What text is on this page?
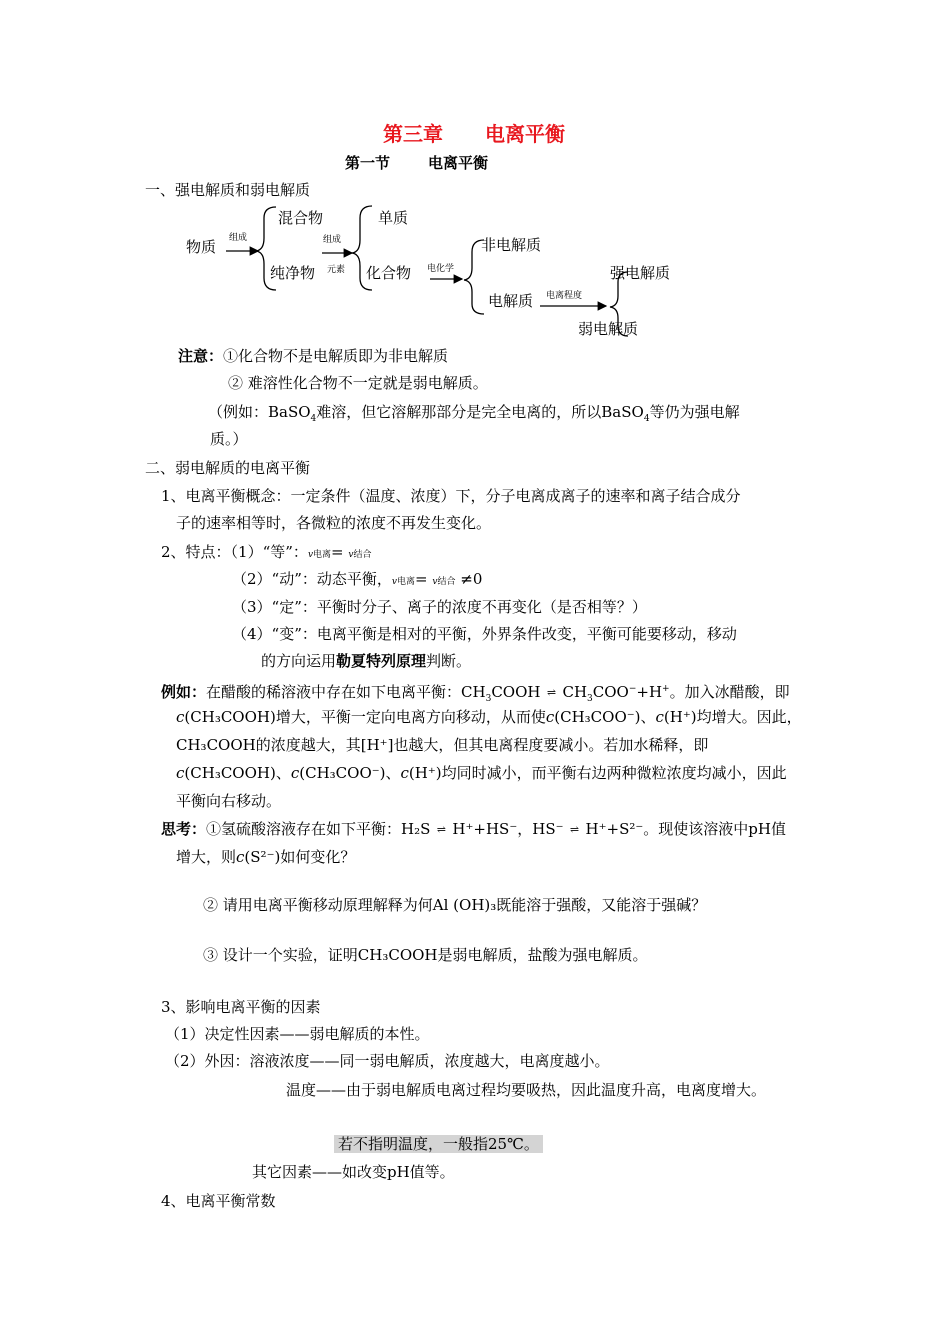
第三章 电离平衡
第一节	电离平衡
一、强电解质和弱电解质
物质 组成
混合物
纯净物
组成
元素
单质
化合物 电化学
非电解质
电解质 电离程度
强电解质
弱电解质
注意：①化合物不是电解质即为非电解质
② 难溶性化合物不一定就是弱电解质。
（例如：BaSO$_4$难溶，但它溶解那部分是完全电离的，所以BaSO$_4$等仍为强电解
质。）
二、弱电解质的电离平衡
1、电离平衡概念：一定条件（温度、浓度）下，分子电离成离子的速率和离子结合成分
子的速率相等时，各微粒的浓度不再发生变化。
2、特点：（1）“等”：v电离= v结合
（2）“动”：动态平衡，v电离= v结合 ≠0
（3）“定”：平衡时分子、离子的浓度不再变化（是否相等？）
（4）“变”：电离平衡是相对的平衡，外界条件改变，平衡可能要移动，移动
的方向运用勒夏特列原理判断。
例如：在醋酸的稀溶液中存在如下电离平衡：$CH_3COOH$ ⇌ $CH_3COO^-+H^+$。加入冰醋酸，即
c(CH₃COOH)增大，平衡一定向电离方向移动，从而使c(CH₃COO⁻)、c(H⁺)均增大。因此，
CH₃COOH的浓度越大，其[H⁺]也越大，但其电离程度要减小。若加水稀释，即
c(CH₃COOH)、c(CH₃COO⁻)、c(H⁺)均同时减小，而平衡右边两种微粒浓度均减小，因此
平衡向右移动。
思考：①氢硫酸溶液存在如下平衡：H₂S ⇌ H⁺+HS⁻，HS⁻ ⇌ H⁺+S²⁻。现使该溶液中pH值
增大，则c(S²⁻)如何变化？
② 请用电离平衡移动原理解释为何Al (OH)₃既能溶于强酸，又能溶于强碱？
③ 设计一个实验，证明CH₃COOH是弱电解质，盐酸为强电解质。
3、影响电离平衡的因素
（1）决定性因素——弱电解质的本性。
（2）外因：溶液浓度——同一弱电解质，浓度越大，电离度越小。
温度——由于弱电解质电离过程均要吸热，因此温度升高，电离度增大。
若不指明温度，一般指25℃。
其它因素——如改变pH值等。
4、电离平衡常数
